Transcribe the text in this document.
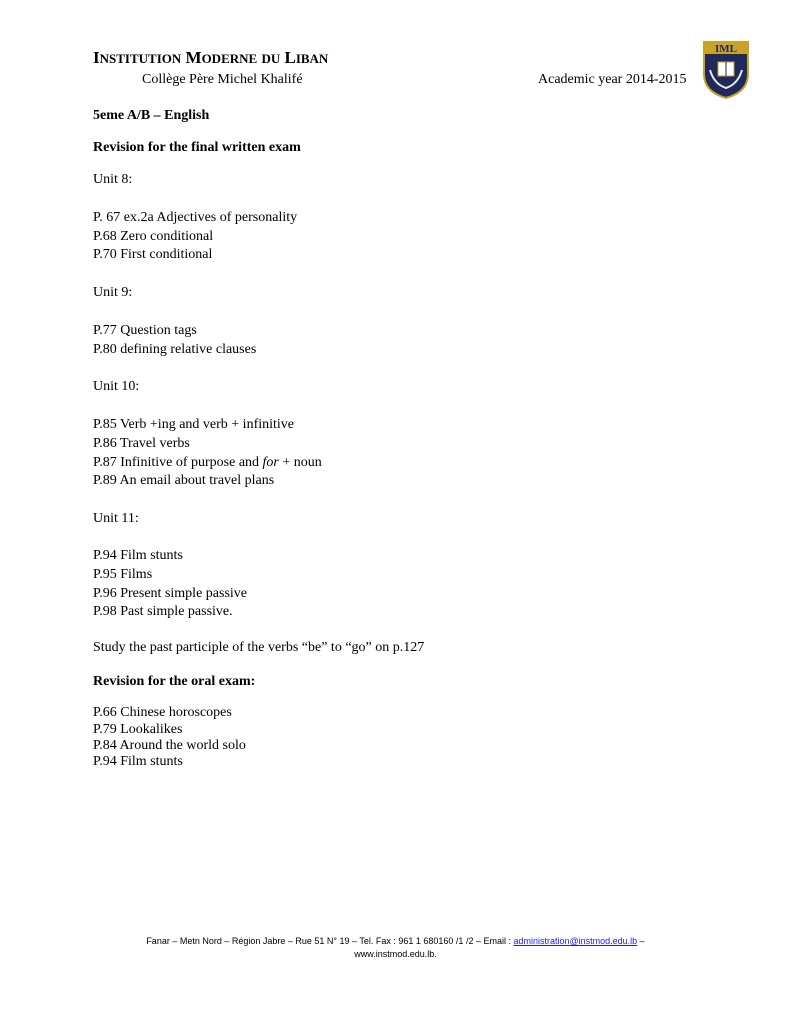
INSTITUTION MODERNE DU LIBAN
Collège Père Michel Khalifé	Academic year 2014-2015
IML
5eme A/B – English
Revision for the final written exam
Unit 8:
P. 67 ex.2a Adjectives of personality
P.68 Zero conditional
P.70 First conditional
Unit 9:
P.77 Question tags
P.80 defining relative clauses
Unit 10:
P.85 Verb +ing and verb + infinitive
P.86 Travel verbs
P.87 Infinitive of purpose and for + noun
P.89 An email about travel plans
Unit 11:
P.94 Film stunts
P.95 Films
P.96 Present simple passive
P.98 Past simple passive.
Study the past participle of the verbs “be” to “go” on p.127
Revision for the oral exam:
P.66 Chinese horoscopes
P.79 Lookalikes
P.84 Around the world solo
P.94 Film stunts
Fanar – Metn Nord – Région Jabre – Rue 51 N° 19 – Tel. Fax : 961 1 680160 /1 /2 – Email : administration@instmod.edu.lb –
www.instmod.edu.lb.
